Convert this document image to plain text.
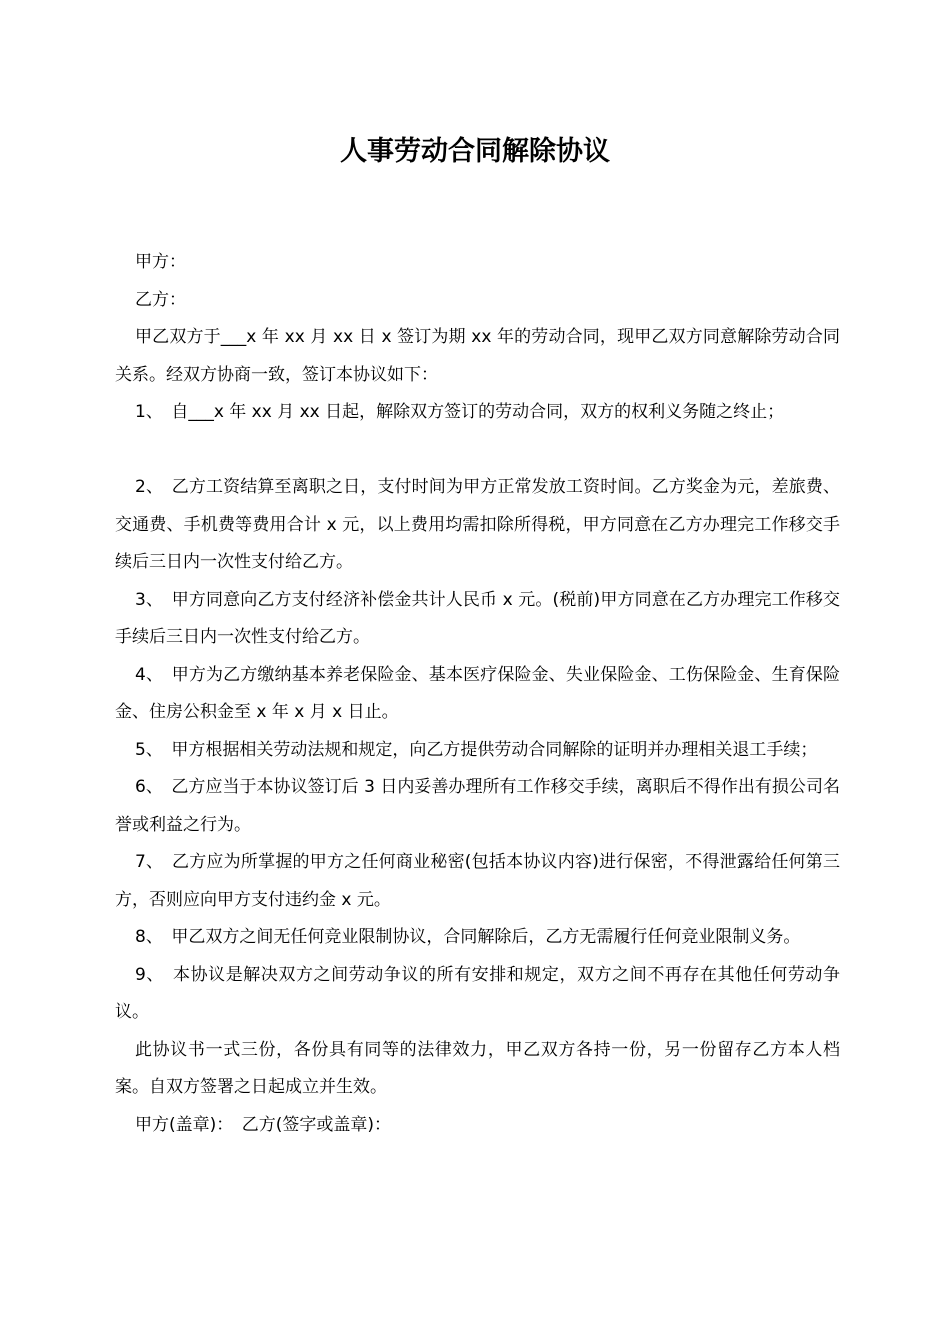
人事劳动合同解除协议

甲方：

乙方：

甲乙双方于___x 年 xx 月 xx 日 x 签订为期 xx 年的劳动合同，现甲乙双方同意解除劳动合同关系。经双方协商一致，签订本协议如下：

1、　自___x 年 xx 月 xx 日起，解除双方签订的劳动合同，双方的权利义务随之终止；

2、　乙方工资结算至离职之日，支付时间为甲方正常发放工资时间。乙方奖金为元，差旅费、交通费、手机费等费用合计 x 元，以上费用均需扣除所得税，甲方同意在乙方办理完工作移交手续后三日内一次性支付给乙方。

3、　甲方同意向乙方支付经济补偿金共计人民币 x 元。(税前)甲方同意在乙方办理完工作移交手续后三日内一次性支付给乙方。

4、　甲方为乙方缴纳基本养老保险金、基本医疗保险金、失业保险金、工伤保险金、生育保险金、住房公积金至 x 年 x 月 x 日止。

5、　甲方根据相关劳动法规和规定，向乙方提供劳动合同解除的证明并办理相关退工手续；

6、　乙方应当于本协议签订后 3 日内妥善办理所有工作移交手续，离职后不得作出有损公司名誉或利益之行为。

7、　乙方应为所掌握的甲方之任何商业秘密(包括本协议内容)进行保密，不得泄露给任何第三方，否则应向甲方支付违约金 x 元。

8、　甲乙双方之间无任何竞业限制协议，合同解除后，乙方无需履行任何竞业限制义务。

9、　本协议是解决双方之间劳动争议的所有安排和规定，双方之间不再存在其他任何劳动争议。

此协议书一式三份，各份具有同等的法律效力，甲乙双方各持一份，另一份留存乙方本人档案。自双方签署之日起成立并生效。

甲方(盖章)：　乙方(签字或盖章)：
